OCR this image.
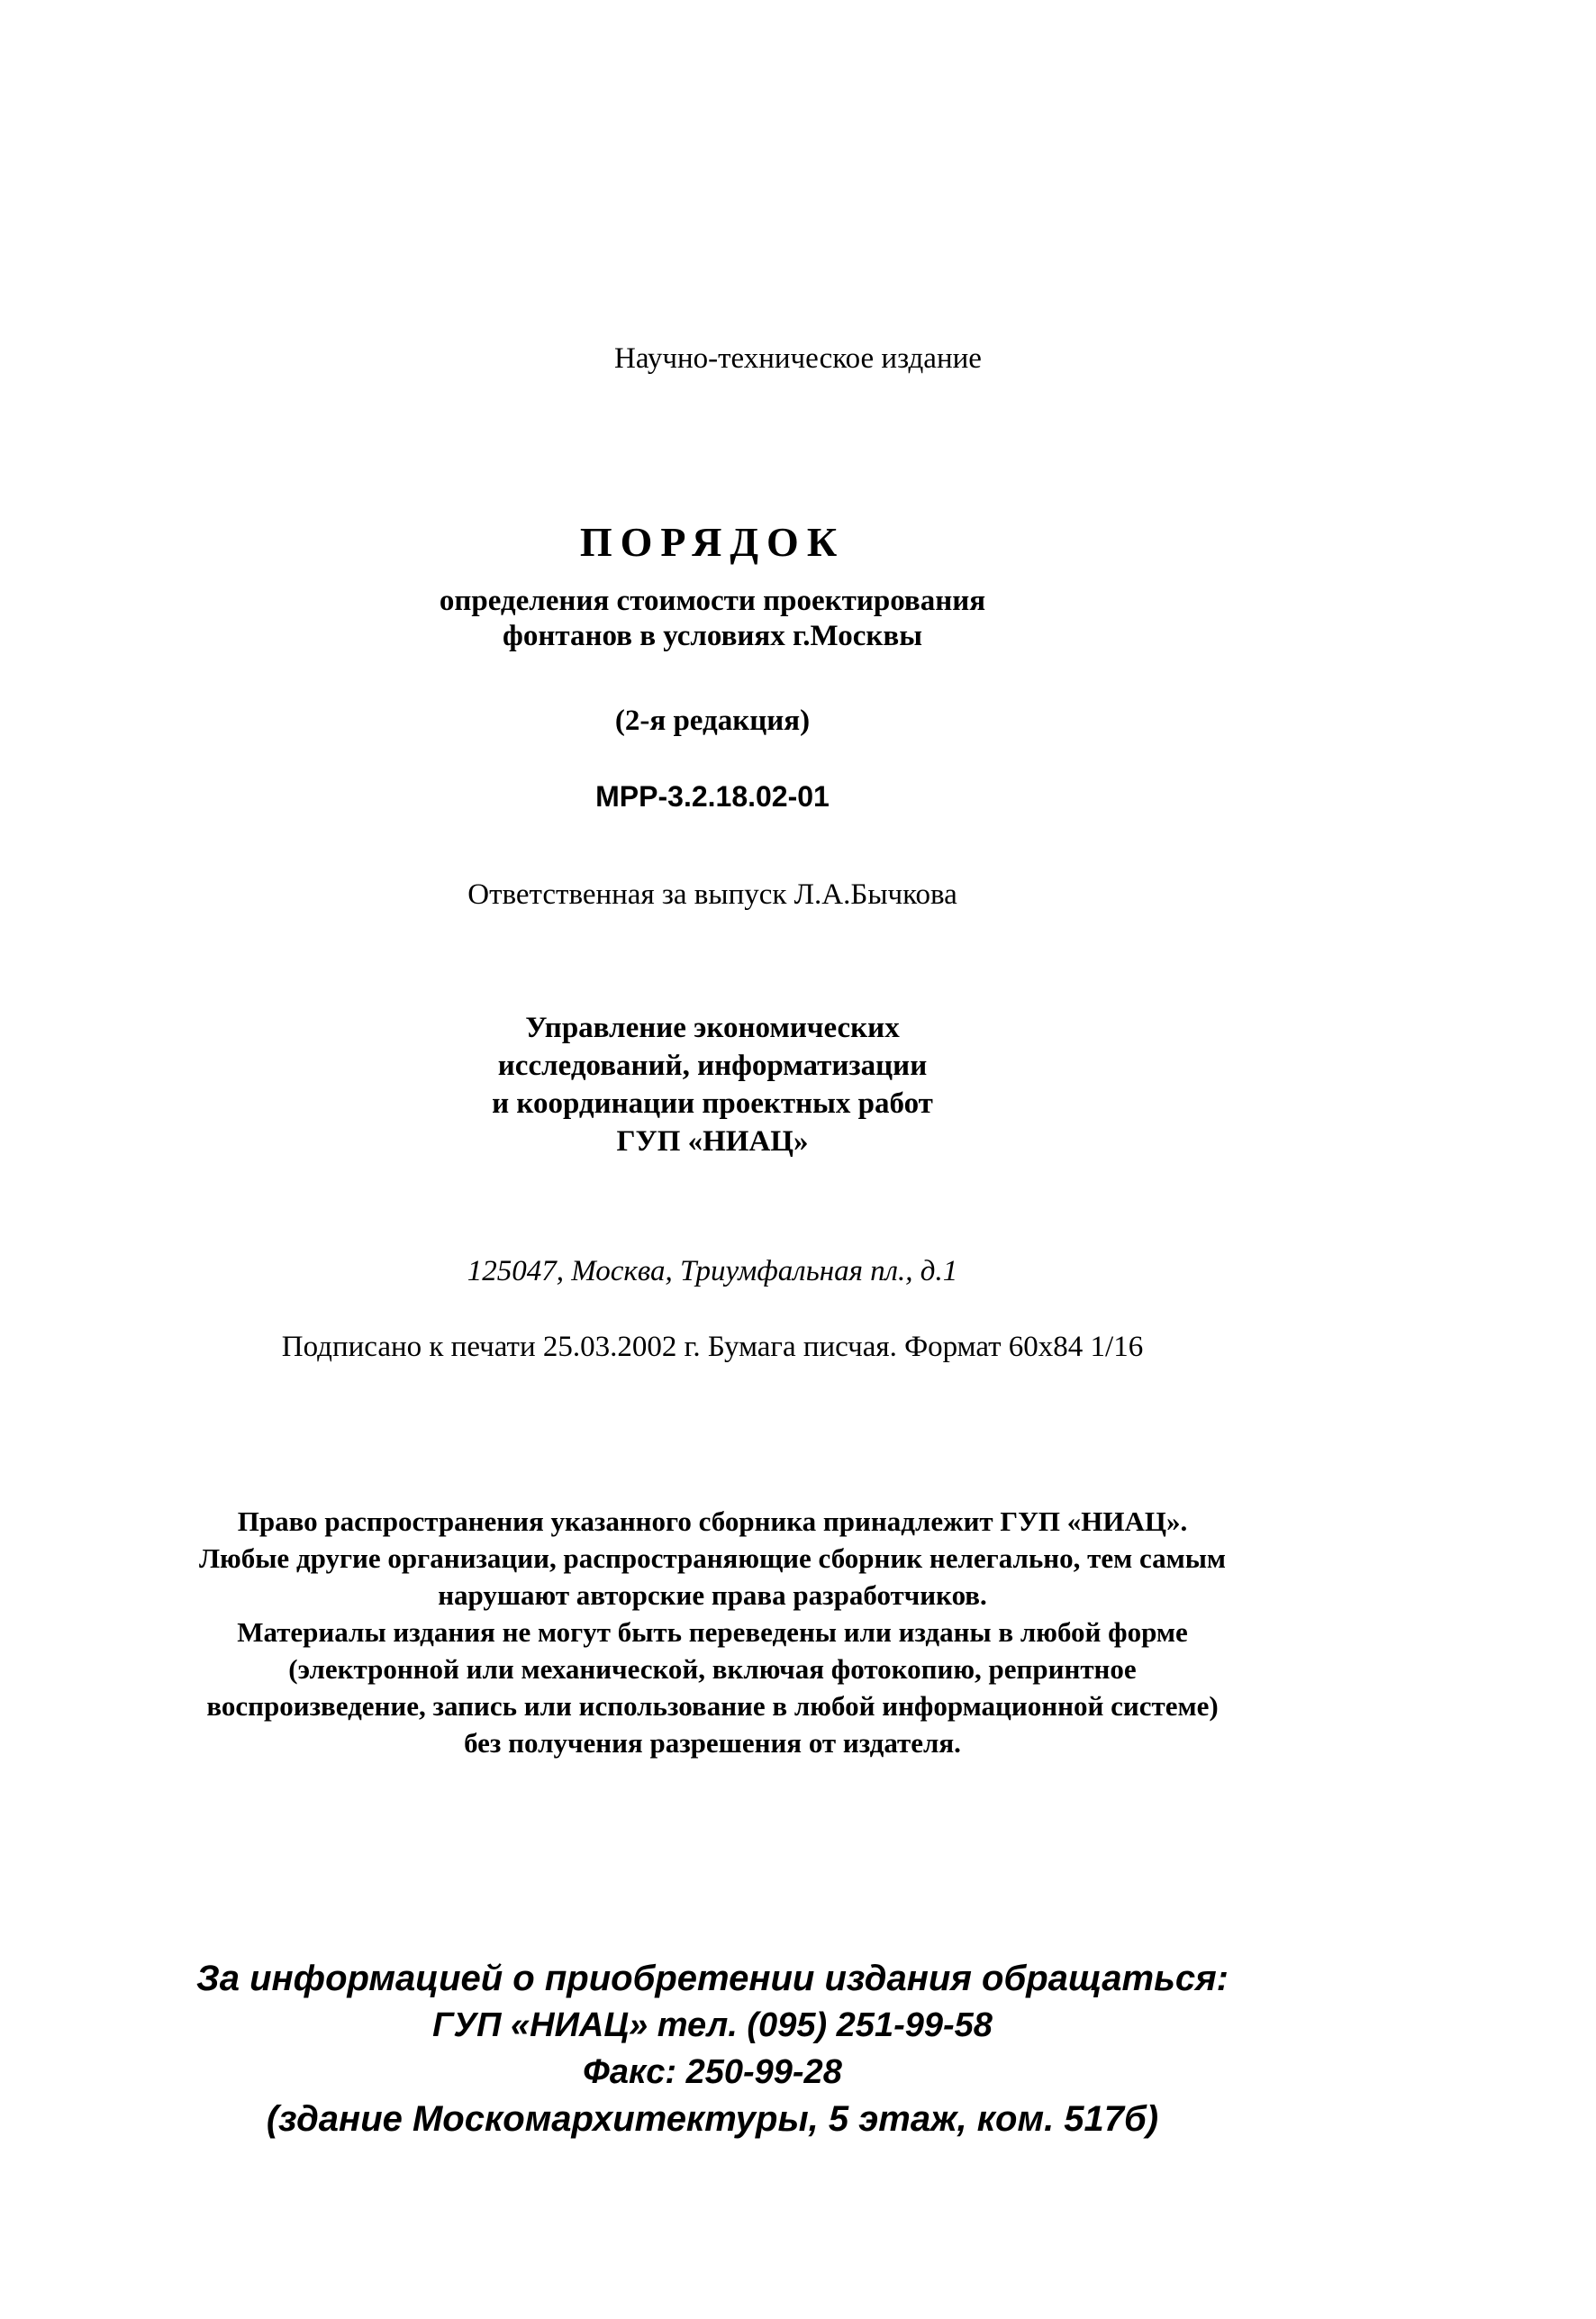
Научно-техническое издание
ПОРЯДОК
определения стоимости проектирования
фонтанов в условиях г.Москвы
(2-я редакция)
МРР-3.2.18.02-01
Ответственная за выпуск Л.А.Бычкова
Управление экономических
исследований, информатизации
и координации проектных работ
ГУП «НИАЦ»
125047, Москва, Триумфальная пл., д.1
Подписано к печати 25.03.2002 г. Бумага писчая. Формат 60x84 1/16
Право распространения указанного сборника принадлежит ГУП «НИАЦ».
Любые другие организации, распространяющие сборник нелегально, тем самым
нарушают авторские права разработчиков.
Материалы издания не могут быть переведены или изданы в любой форме
(электронной или механической, включая фотокопию, репринтное
воспроизведение, запись или использование в любой информационной системе)
без получения разрешения от издателя.
За информацией о приобретении издания обращаться:
ГУП «НИАЦ» тел. (095) 251-99-58
Факс: 250-99-28
(здание Москомархитектуры, 5 этаж, ком. 517б)
